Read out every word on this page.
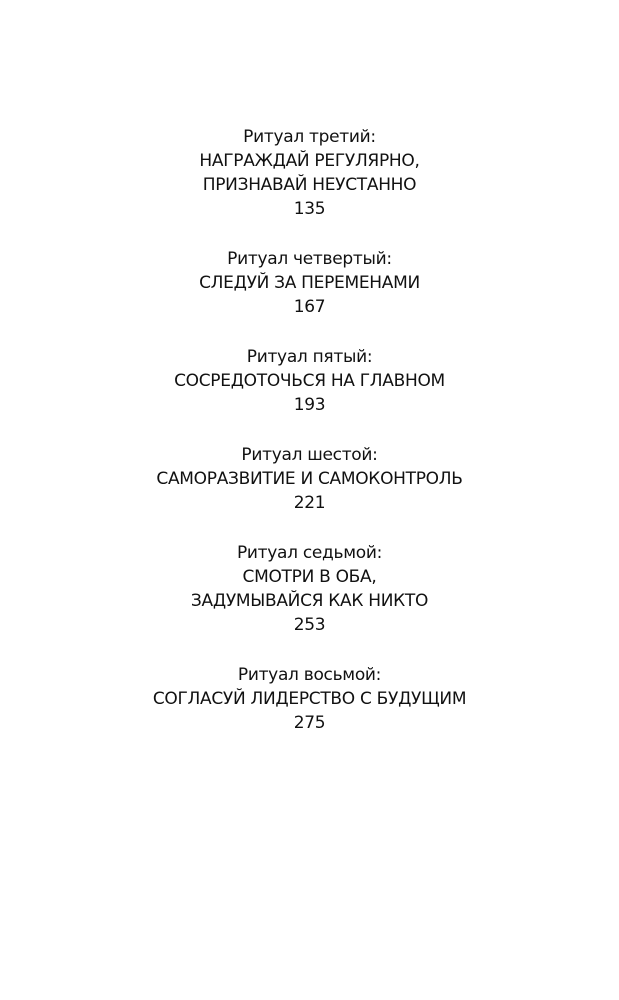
Ритуал третий:
НАГРАЖДАЙ РЕГУЛЯРНО,
ПРИЗНАВАЙ НЕУСТАННО
135
Ритуал четвертый:
СЛЕДУЙ ЗА ПЕРЕМЕНАМИ
167
Ритуал пятый:
СОСРЕДОТОЧЬСЯ НА ГЛАВНОМ
193
Ритуал шестой:
САМОРАЗВИТИЕ И САМОКОНТРОЛЬ
221
Ритуал седьмой:
СМОТРИ В ОБА,
ЗАДУМЫВАЙСЯ КАК НИКТО
253
Ритуал восьмой:
СОГЛАСУЙ ЛИДЕРСТВО С БУДУЩИМ
275
